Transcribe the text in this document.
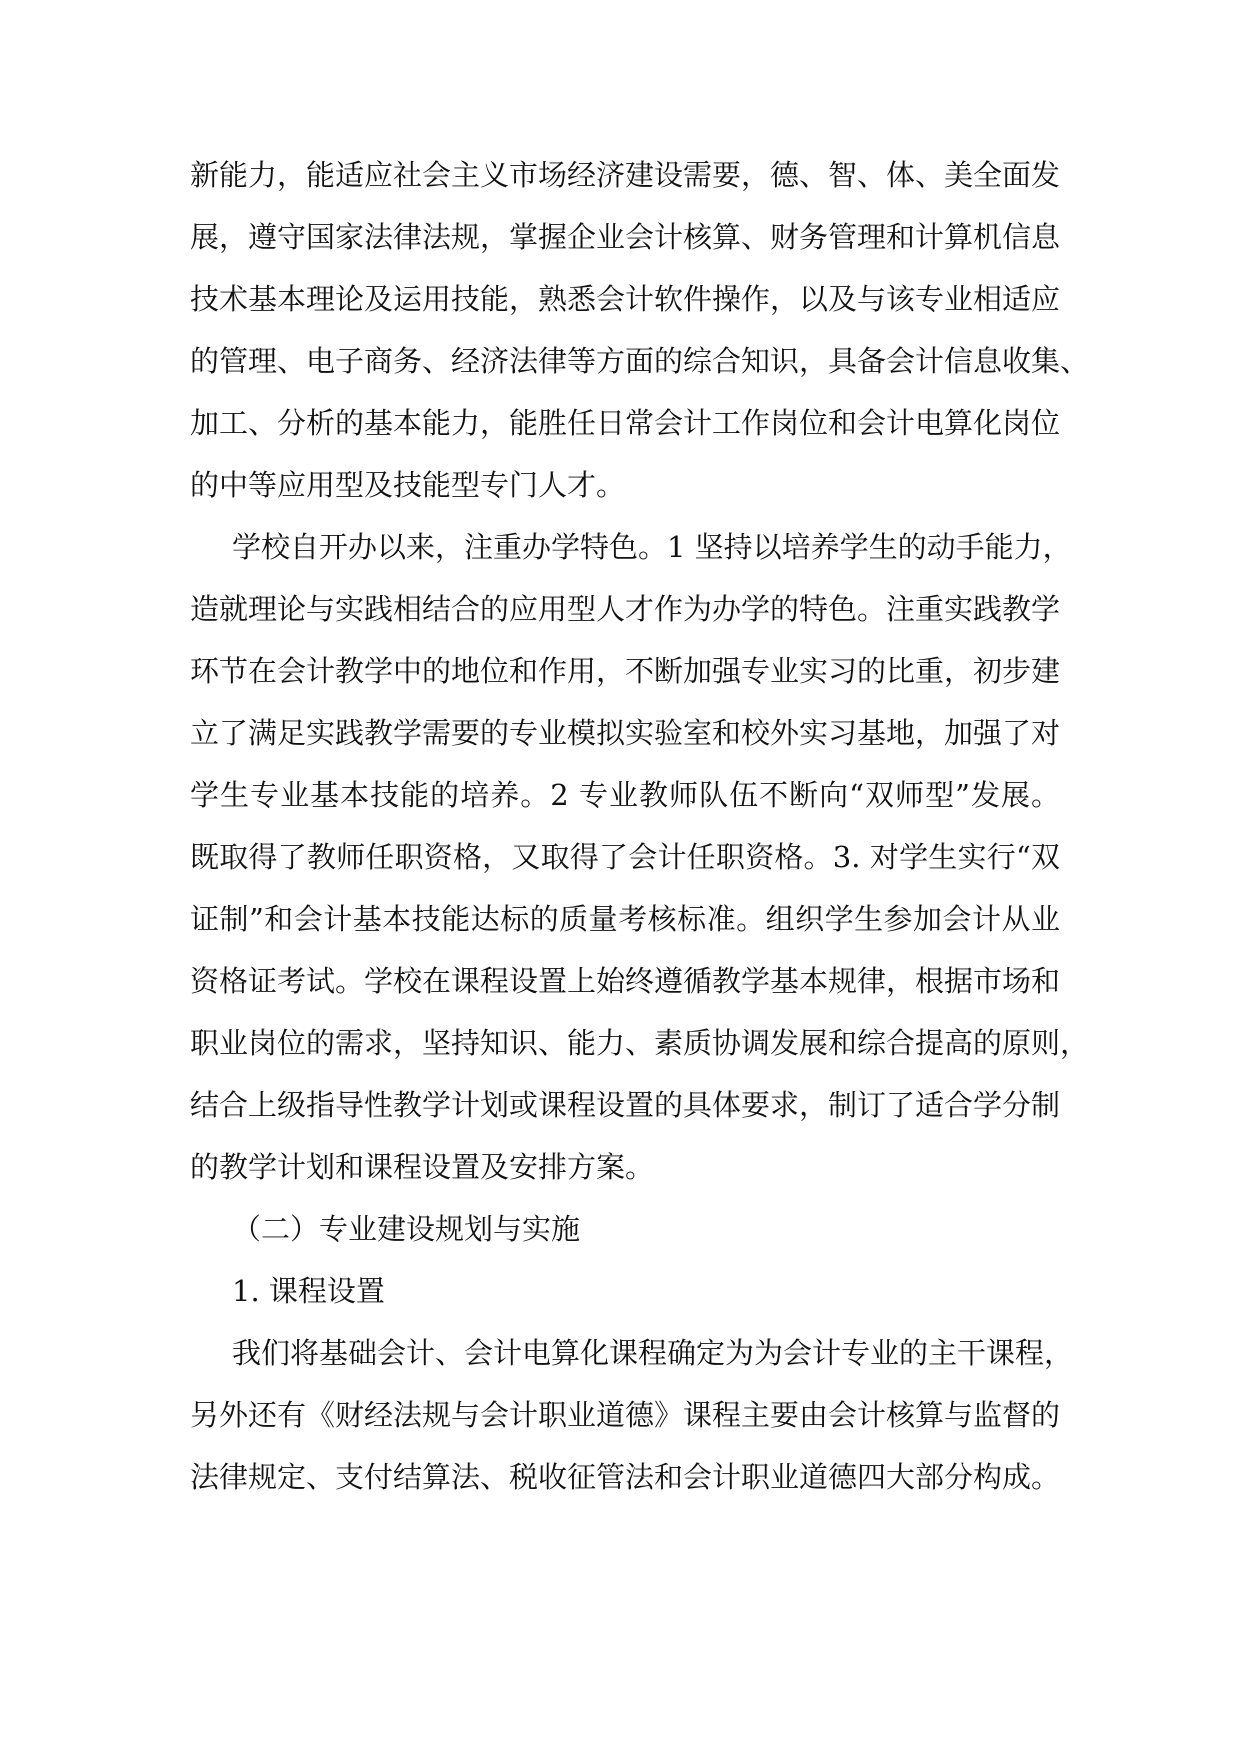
新能力，能适应社会主义市场经济建设需要，德、智、体、美全面发
展，遵守国家法律法规，掌握企业会计核算、财务管理和计算机信息
技术基本理论及运用技能，熟悉会计软件操作，以及与该专业相适应
的管理、电子商务、经济法律等方面的综合知识，具备会计信息收集、
加工、分析的基本能力，能胜任日常会计工作岗位和会计电算化岗位
的中等应用型及技能型专门人才。
学校自开办以来，注重办学特色。1 坚持以培养学生的动手能力，
造就理论与实践相结合的应用型人才作为办学的特色。注重实践教学
环节在会计教学中的地位和作用，不断加强专业实习的比重，初步建
立了满足实践教学需要的专业模拟实验室和校外实习基地，加强了对
学生专业基本技能的培养。2 专业教师队伍不断向“双师型”发展。
既取得了教师任职资格，又取得了会计任职资格。3. 对学生实行“双
证制”和会计基本技能达标的质量考核标准。组织学生参加会计从业
资格证考试。学校在课程设置上始终遵循教学基本规律，根据市场和
职业岗位的需求，坚持知识、能力、素质协调发展和综合提高的原则，
结合上级指导性教学计划或课程设置的具体要求，制订了适合学分制
的教学计划和课程设置及安排方案。
（二）专业建设规划与实施
1. 课程设置
我们将基础会计、会计电算化课程确定为为会计专业的主干课程，
另外还有《财经法规与会计职业道德》课程主要由会计核算与监督的
法律规定、支付结算法、税收征管法和会计职业道德四大部分构成。
